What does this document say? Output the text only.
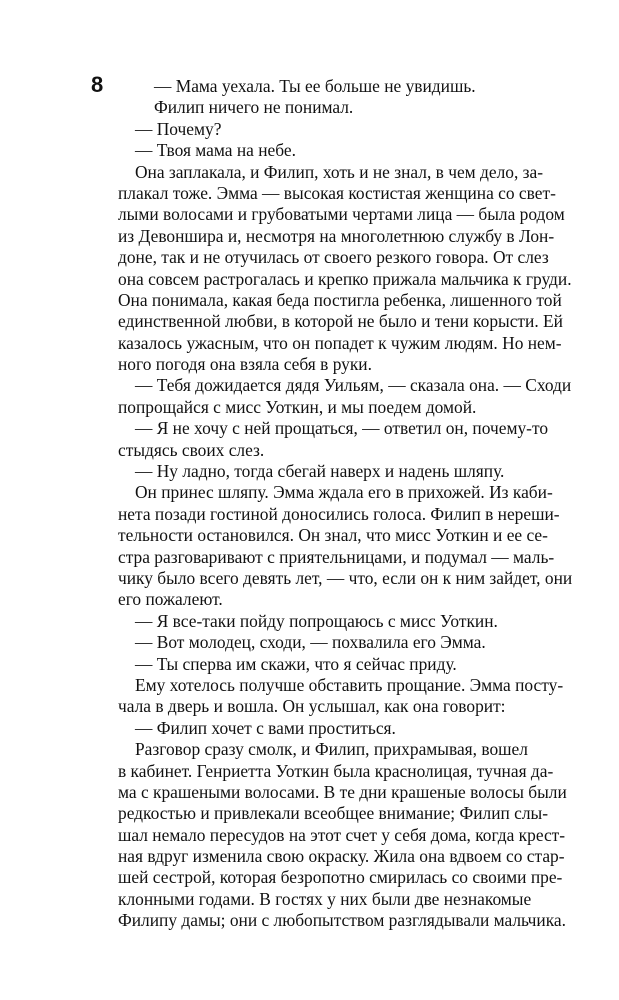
8	— Мама уехала. Ты ее больше не увидишь.
Филип ничего не понимал.
— Почему?
— Твоя мама на небе.
Она заплакала, и Филип, хоть и не знал, в чем дело, за-
плакал тоже. Эмма — высокая костистая женщина со свет-
лыми волосами и грубоватыми чертами лица — была родом
из Девоншира и, несмотря на многолетнюю службу в Лон-
доне, так и не отучилась от своего резкого говора. От слез
она совсем растрогалась и крепко прижала мальчика к груди.
Она понимала, какая беда постигла ребенка, лишенного той
единственной любви, в которой не было и тени корысти. Ей
казалось ужасным, что он попадет к чужим людям. Но нем-
ного погодя она взяла себя в руки.
— Тебя дожидается дядя Уильям, — сказала она. — Сходи
попрощайся с мисс Уоткин, и мы поедем домой.
— Я не хочу с ней прощаться, — ответил он, почему-то
стыдясь своих слез.
— Ну ладно, тогда сбегай наверх и надень шляпу.
Он принес шляпу. Эмма ждала его в прихожей. Из каби-
нета позади гостиной доносились голоса. Филип в нереши-
тельности остановился. Он знал, что мисс Уоткин и ее се-
стра разговаривают с приятельницами, и подумал — маль-
чику было всего девять лет, — что, если он к ним зайдет, они
его пожалеют.
— Я все-таки пойду попрощаюсь с мисс Уоткин.
— Вот молодец, сходи, — похвалила его Эмма.
— Ты сперва им скажи, что я сейчас приду.
Ему хотелось получше обставить прощание. Эмма посту-
чала в дверь и вошла. Он услышал, как она говорит:
— Филип хочет с вами проститься.
Разговор сразу смолк, и Филип, прихрамывая, вошел
в кабинет. Генриетта Уоткин была краснолицая, тучная да-
ма с крашеными волосами. В те дни крашеные волосы были
редкостью и привлекали всеобщее внимание; Филип слы-
шал немало пересудов на этот счет у себя дома, когда крест-
ная вдруг изменила свою окраску. Жила она вдвоем со стар-
шей сестрой, которая безропотно смирилась со своими пре-
клонными годами. В гостях у них были две незнакомые
Филипу дамы; они с любопытством разглядывали мальчика.
